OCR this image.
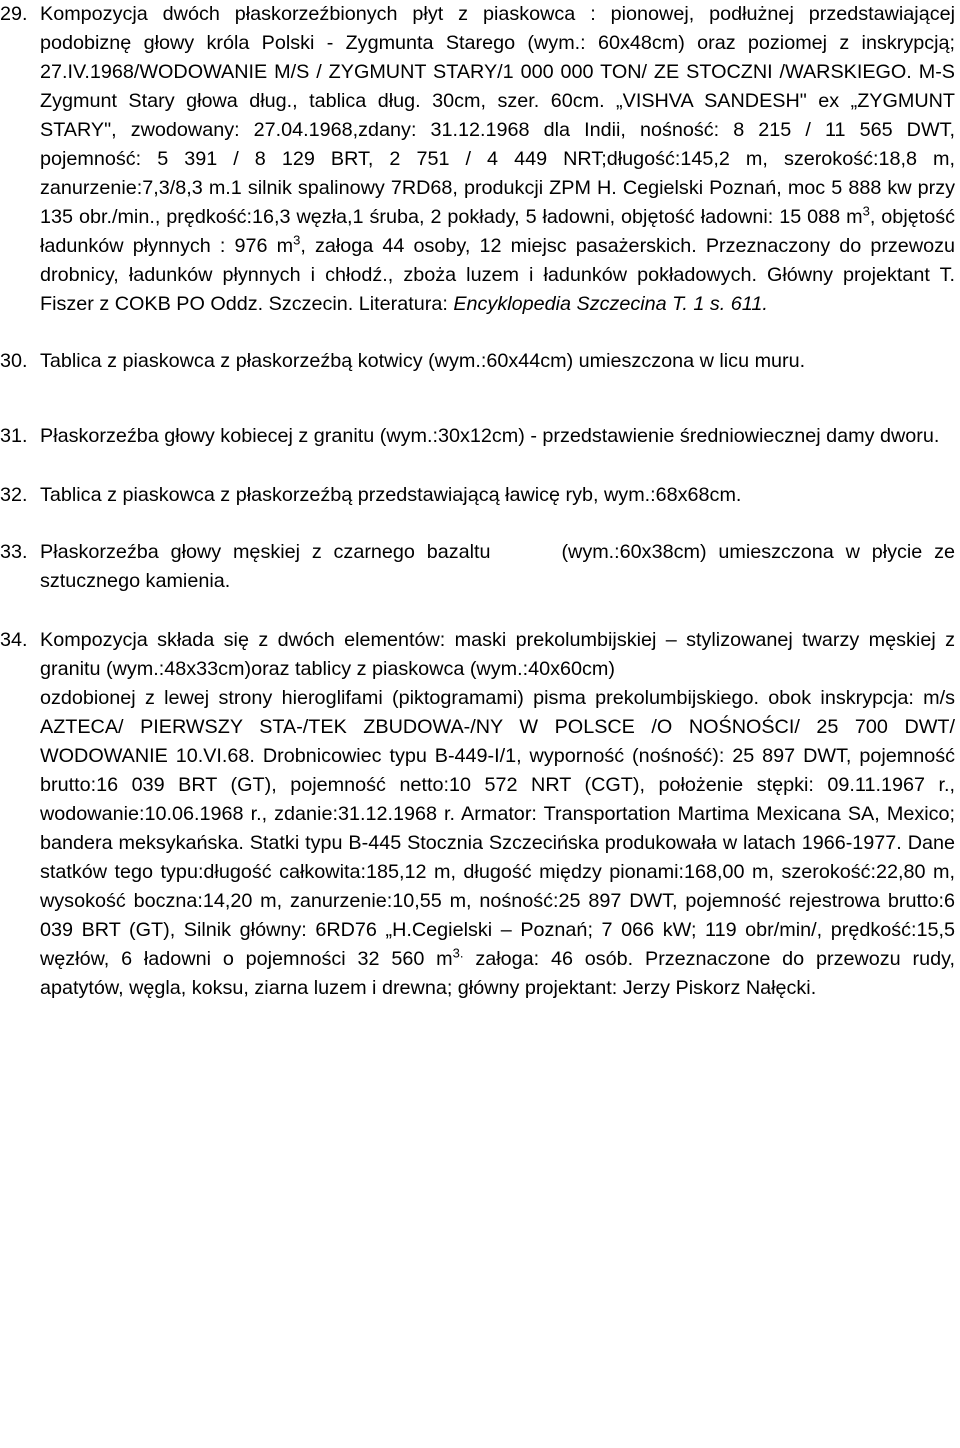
29. Kompozycja dwóch płaskorzeźbionych płyt z piaskowca : pionowej, podłużnej przedstawiającej podobiznę głowy króla Polski - Zygmunta Starego (wym.: 60x48cm) oraz poziomej z inskrypcją; 27.IV.1968/WODOWANIE M/S / ZYGMUNT STARY/1 000 000 TON/ ZE STOCZNI /WARSKIEGO. M-S Zygmunt Stary głowa dług., tablica dług. 30cm, szer. 60cm. „VISHVA SANDESH" ex „ZYGMUNT STARY", zwodowany: 27.04.1968,zdany: 31.12.1968 dla Indii, nośność: 8 215 / 11 565 DWT, pojemność: 5 391 / 8 129 BRT, 2 751 / 4 449 NRT;długość:145,2 m, szerokość:18,8 m, zanurzenie:7,3/8,3 m.1 silnik spalinowy 7RD68, produkcji ZPM H. Cegielski Poznań, moc 5 888 kw przy 135 obr./min., prędkość:16,3 węzła,1 śruba, 2 pokłady, 5 ładowni, objętość ładowni: 15 088 $m^3$, objętość ładunków płynnych : 976 $m^3$, załoga 44 osoby, 12 miejsc pasażerskich. Przeznaczony do przewozu drobnicy, ładunków płynnych i chłodź., zboża luzem i ładunków pokładowych. Główny projektant T. Fiszer z COKB PO Oddz. Szczecin. Literatura: Encyklopedia Szczecina T. 1 s. 611.

30. Tablica z piaskowca z płaskorzeźbą kotwicy (wym.:60x44cm) umieszczona w licu muru.
31. Płaskorzeźba głowy kobiecej z granitu (wym.:30x12cm) - przedstawienie średniowiecznej damy dworu.
32. Tablica z piaskowca z płaskorzeźbą przedstawiającą ławicę ryb, wym.:68x68cm.
33. Płaskorzeźba głowy męskiej z czarnego bazaltu      (wym.:60x38cm) umieszczona w płycie ze sztucznego kamienia.
34. Kompozycja składa się z dwóch elementów: maski prekolumbijskiej – stylizowanej twarzy męskiej z granitu (wym.:48x33cm)oraz tablicy z piaskowca (wym.:40x60cm)

ozdobionej z lewej strony hieroglifami (piktogramami) pisma prekolumbijskiego. obok inskrypcja: m/s AZTECA/ PIERWSZY STA-/TEK ZBUDOWA-/NY W POLSCE /O NOŚNOŚCI/ 25 700 DWT/ WODOWANIE 10.VI.68. Drobnicowiec typu B-449-I/1, wyporność (nośność): 25 897 DWT, pojemność brutto:16 039 BRT (GT), pojemność netto:10 572 NRT (CGT), położenie stępki: 09.11.1967 r., wodowanie:10.06.1968 r., zdanie:31.12.1968 r. Armator: Transportation Martima Mexicana SA, Mexico; bandera meksykańska. Statki typu B-445 Stocznia Szczecińska produkowała w latach 1966-1977. Dane statków tego typu:długość całkowita:185,12 m, długość między pionami:168,00 m, szerokość:22,80 m, wysokość boczna:14,20 m, zanurzenie:10,55 m, nośność:25 897 DWT, pojemność rejestrowa brutto:6 039 BRT (GT), Silnik główny: 6RD76 „H.Cegielski – Poznań; 7 066 kW; 119 obr/min/, prędkość:15,5 węzłów, 6 ładowni o pojemności 32 560 $m^{3.}$ załoga: 46 osób. Przeznaczone do przewozu rudy, apatytów, węgla, koksu, ziarna luzem i drewna; główny projektant: Jerzy Piskorz Nałęcki.
